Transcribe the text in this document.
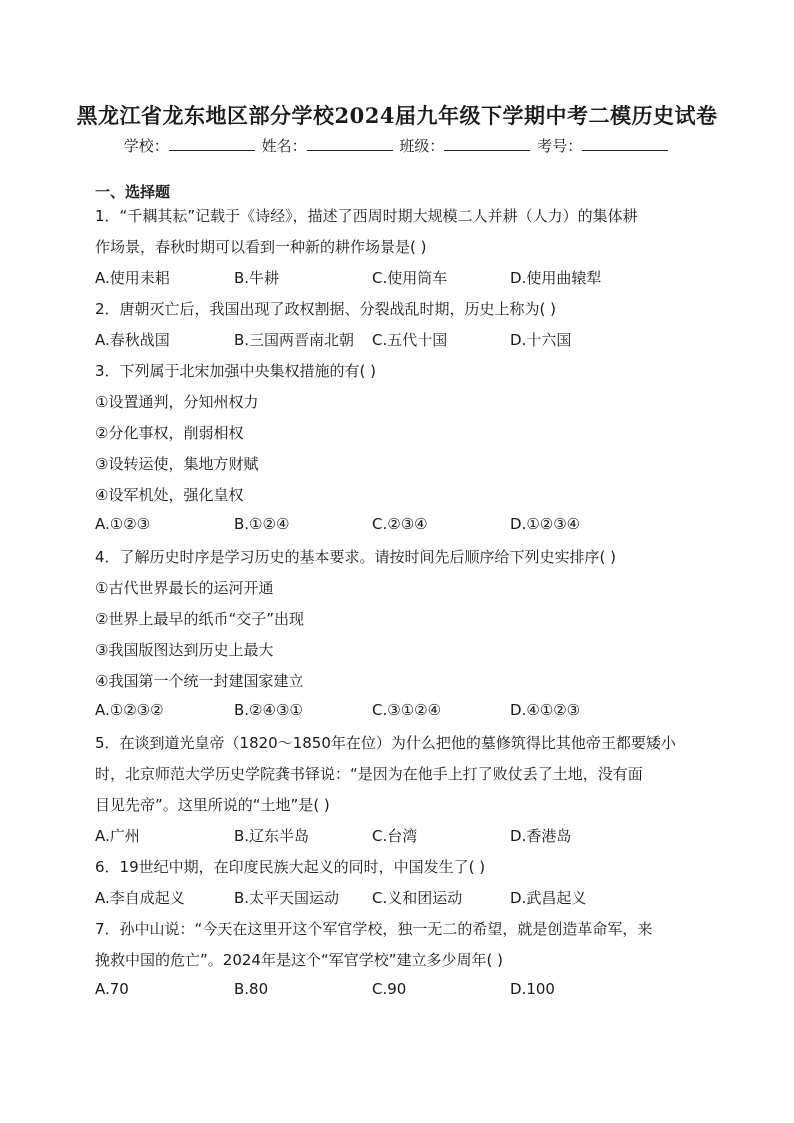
黑龙江省龙东地区部分学校2024届九年级下学期中考二模历史试卷
学校：	姓名：	班级：	考号：
一、选择题
1．“千耦其耘”记载于《诗经》，描述了西周时期大规模二人并耕（人力）的集体耕
作场景，春秋时期可以看到一种新的耕作场景是( )
A.使用耒耜	B.牛耕	C.使用筒车	D.使用曲辕犁
2．唐朝灭亡后，我国出现了政权割据、分裂战乱时期，历史上称为( )
A.春秋战国	B.三国两晋南北朝 C.五代十国	D.十六国
3．下列属于北宋加强中央集权措施的有( )
①设置通判，分知州权力
②分化事权，削弱相权
③设转运使，集地方财赋
④设军机处，强化皇权
A.①②③	B.①②④	C.②③④	D.①②③④
4．了解历史时序是学习历史的基本要求。请按时间先后顺序给下列史实排序( )
①古代世界最长的运河开通
②世界上最早的纸币“交子”出现
③我国版图达到历史上最大
④我国第一个统一封建国家建立
A.①②③②	B.②④③①	C.③①②④	D.④①②③
5．在谈到道光皇帝（1820～1850年在位）为什么把他的墓修筑得比其他帝王都要矮小
时，北京师范大学历史学院龚书铎说：“是因为在他手上打了败仗丢了土地，没有面
目见先帝”。这里所说的“土地”是( )
A.广州	B.辽东半岛	C.台湾	D.香港岛
6．19世纪中期，在印度民族大起义的同时，中国发生了( )
A.李自成起义	B.太平天国运动 C.义和团运动	D.武昌起义
7．孙中山说：“今天在这里开这个军官学校，独一无二的希望，就是创造革命军，来
挽救中国的危亡”。2024年是这个“军官学校”建立多少周年( )
A.70	B.80	C.90	D.100
